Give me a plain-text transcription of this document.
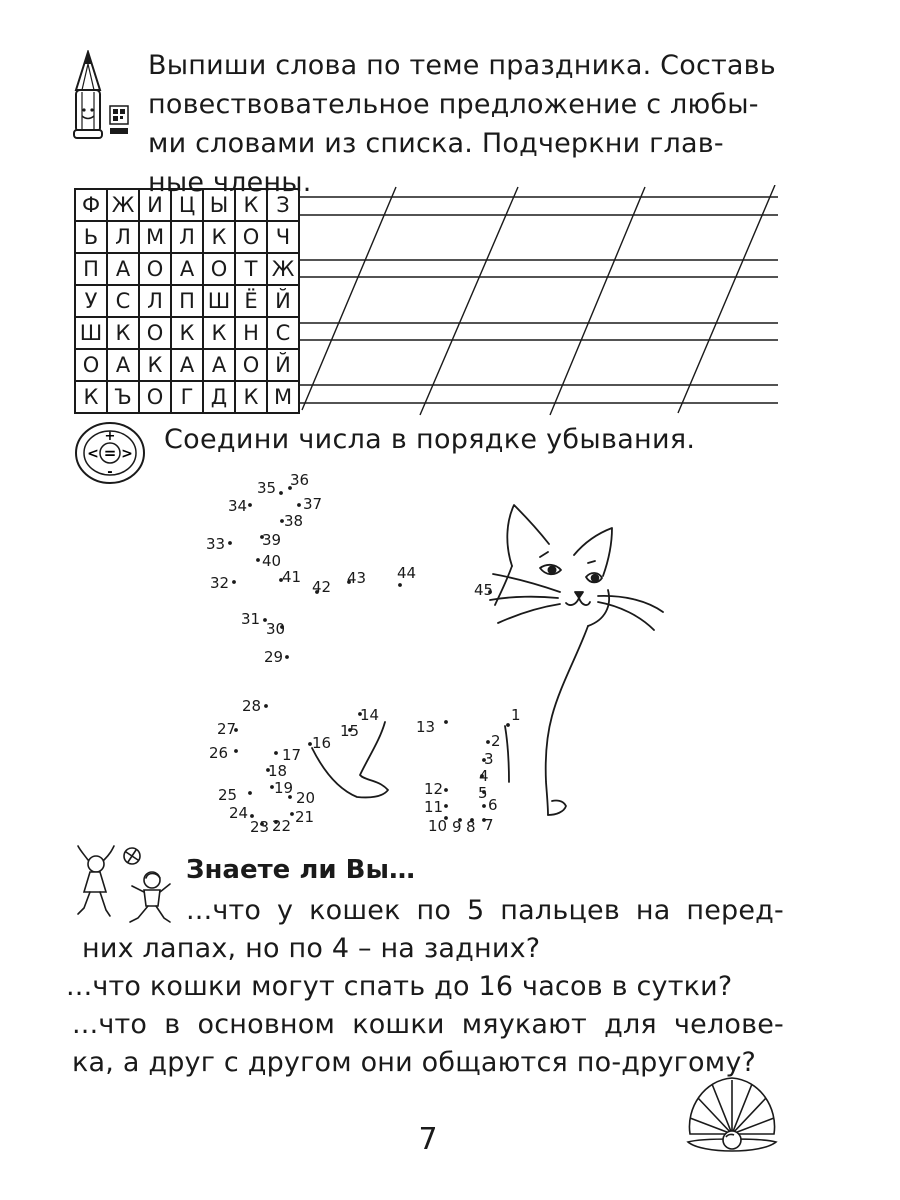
Выпиши слова по теме праздника. Составь
повествовательное предложение с любы-
ми словами из списка. Подчеркни глав-
ные члены.
Ф	Ж	И	Ц	Ы	К	З
Ь	Л	М	Л	К	О	Ч
П	А	О	А	О	Т	Ж
У	С	Л	П	Ш	Ё	Й
Ш	К	О	К	К	Н	С
О	А	К	А	А	О	Й
К	Ъ	О	Г	Д	К	М
=
+
-
< > Соедини числа в порядке убывания.
1
2
3
4
5
6
7
8
9
10
11
12
13
14
15
16
17
18
19
20
21
22
23
24
25
26
27
28
29
30
31
32
33
34
35 36
37
38
39
40
41
42 43 44
45
Знаете ли Вы…
...что у кошек по 5 пальцев на перед-
них лапах, но по 4 – на задних?
...что кошки могут спать до 16 часов в сутки?
...что в основном кошки мяукают для челове-
ка, а друг с другом они общаются по-другому?
7
